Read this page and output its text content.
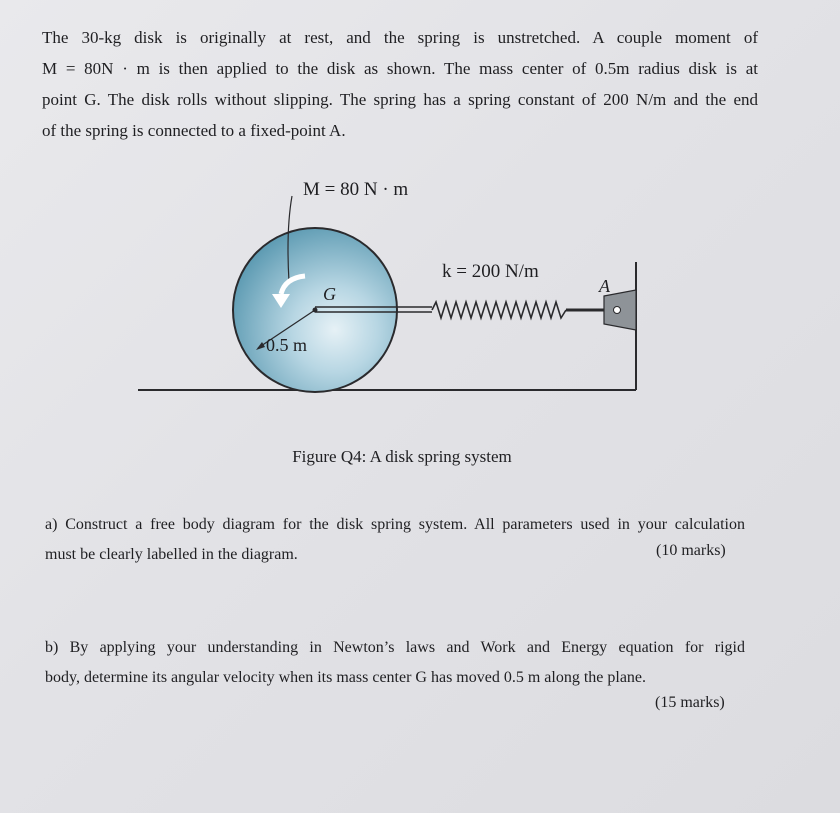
The 30-kg disk is originally at rest, and the spring is unstretched. A couple moment of
M = 80N · m is then applied to the disk as shown. The mass center of 0.5m radius disk is at
point G. The disk rolls without slipping. The spring has a spring constant of 200 N/m and the end
of the spring is connected to a fixed-point A.
M = 80 N · m
k = 200 N/m
A
G
0.5 m
Figure Q4: A disk spring system
a) Construct a free body diagram for the disk spring system. All parameters used in your calculation
must be clearly labelled in the diagram.	(10 marks)
b) By applying your understanding in Newton’s laws and Work and Energy equation for rigid
body, determine its angular velocity when its mass center G has moved 0.5 m along the plane.
(15 marks)
